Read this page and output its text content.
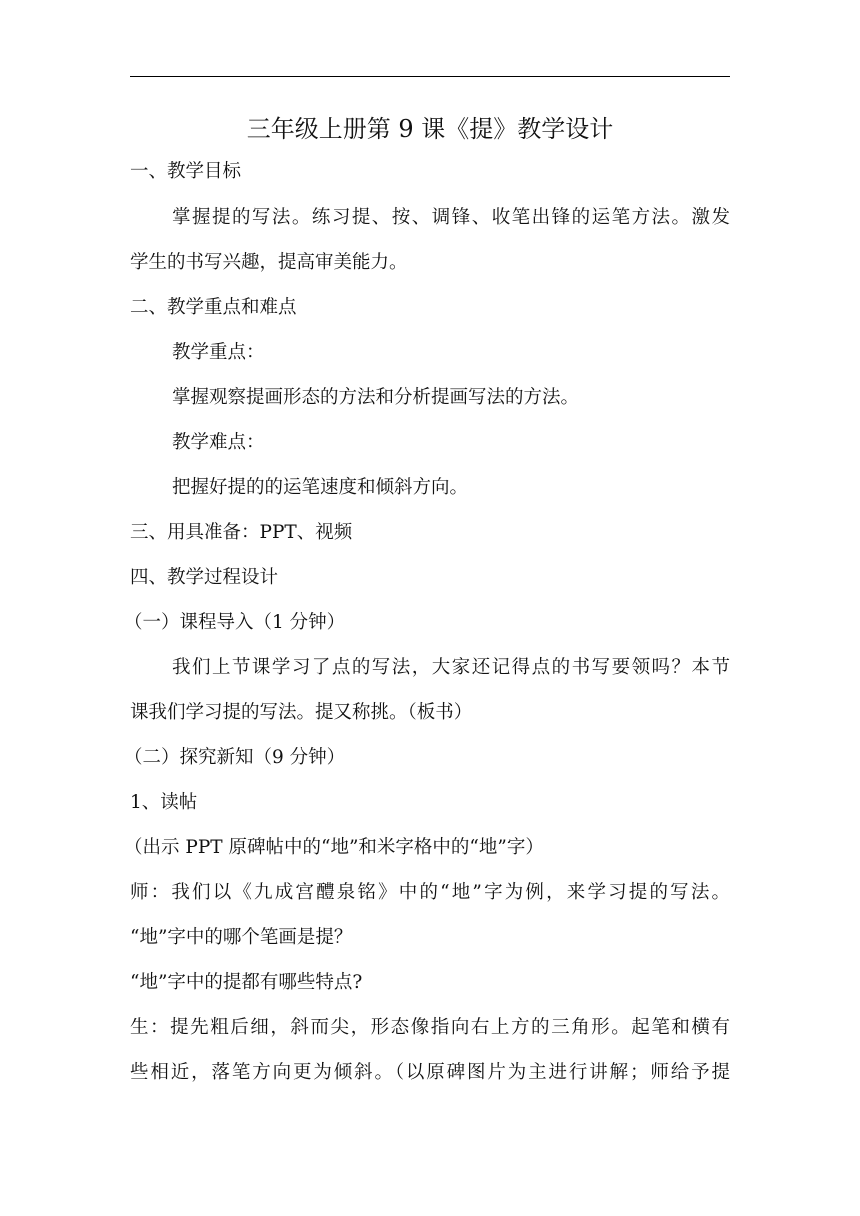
三年级上册第 9 课《提》教学设计
一、教学目标
掌握提的写法。练习提、按、调锋、收笔出锋的运笔方法。激发
学生的书写兴趣，提高审美能力。
二、教学重点和难点
教学重点：
掌握观察提画形态的方法和分析提画写法的方法。
教学难点：
把握好提的的运笔速度和倾斜方向。
三、用具准备：PPT、视频
四、教学过程设计
（一）课程导入（1 分钟）
我们上节课学习了点的写法，大家还记得点的书写要领吗？本节
课我们学习提的写法。提又称挑。（板书）
（二）探究新知（9 分钟）
1、读帖
（出示 PPT 原碑帖中的“地”和米字格中的“地”字）
师：我们以《九成宫醴泉铭》中的“地”字为例，来学习提的写法。
“地”字中的哪个笔画是提？
“地”字中的提都有哪些特点?
生：提先粗后细，斜而尖，形态像指向右上方的三角形。起笔和横有
些相近，落笔方向更为倾斜。（以原碑图片为主进行讲解；师给予提
